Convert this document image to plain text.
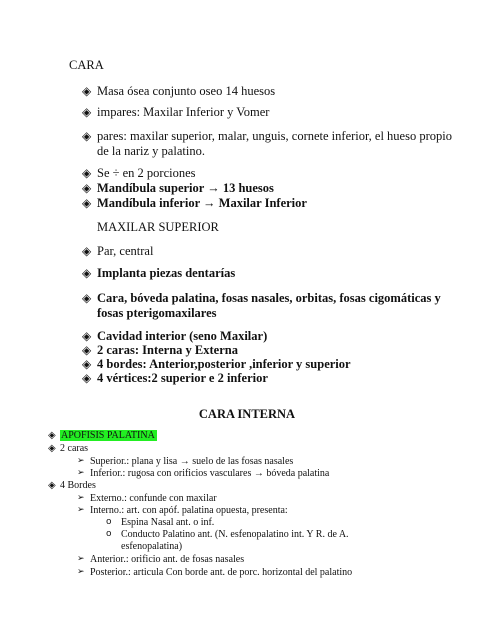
CARA
◈ Masa ósea conjunto oseo 14 huesos
◈ impares: Maxilar Inferior y Vomer
◈ pares: maxilar superior, malar, unguis, cornete inferior, el hueso propio
de la nariz y palatino.
◈ Se ÷ en 2 porciones
◈ Mandíbula superior → 13 huesos
◈ Mandíbula inferior → Maxilar Inferior
MAXILAR SUPERIOR
◈ Par, central
◈ Implanta piezas dentarías
◈ Cara, bóveda palatina, fosas nasales, orbitas, fosas cigomáticas y
fosas pterigomaxilares
◈ Cavidad interior (seno Maxilar)
◈ 2 caras: Interna y Externa
◈ 4 bordes: Anterior,posterior ,inferior y superior
◈ 4 vértices:2 superior e 2 inferior
CARA INTERNA
◈ APOFISIS PALATINA
◈ 2 caras
➢ Superior.: plana y lisa → suelo de las fosas nasales
➢ Inferior.: rugosa con orificios vasculares → bóveda palatina
◈ 4 Bordes
➢ Externo.: confunde con maxilar
➢ Interno.: art. con apóf. palatina opuesta, presenta:
o Espina Nasal ant. o inf.
o Conducto Palatino ant. (N. esfenopalatino int. Y R. de A.
esfenopalatina)
➢ Anterior.: orificio ant. de fosas nasales
➢ Posterior.: articula Con borde ant. de porc. horizontal del palatino
